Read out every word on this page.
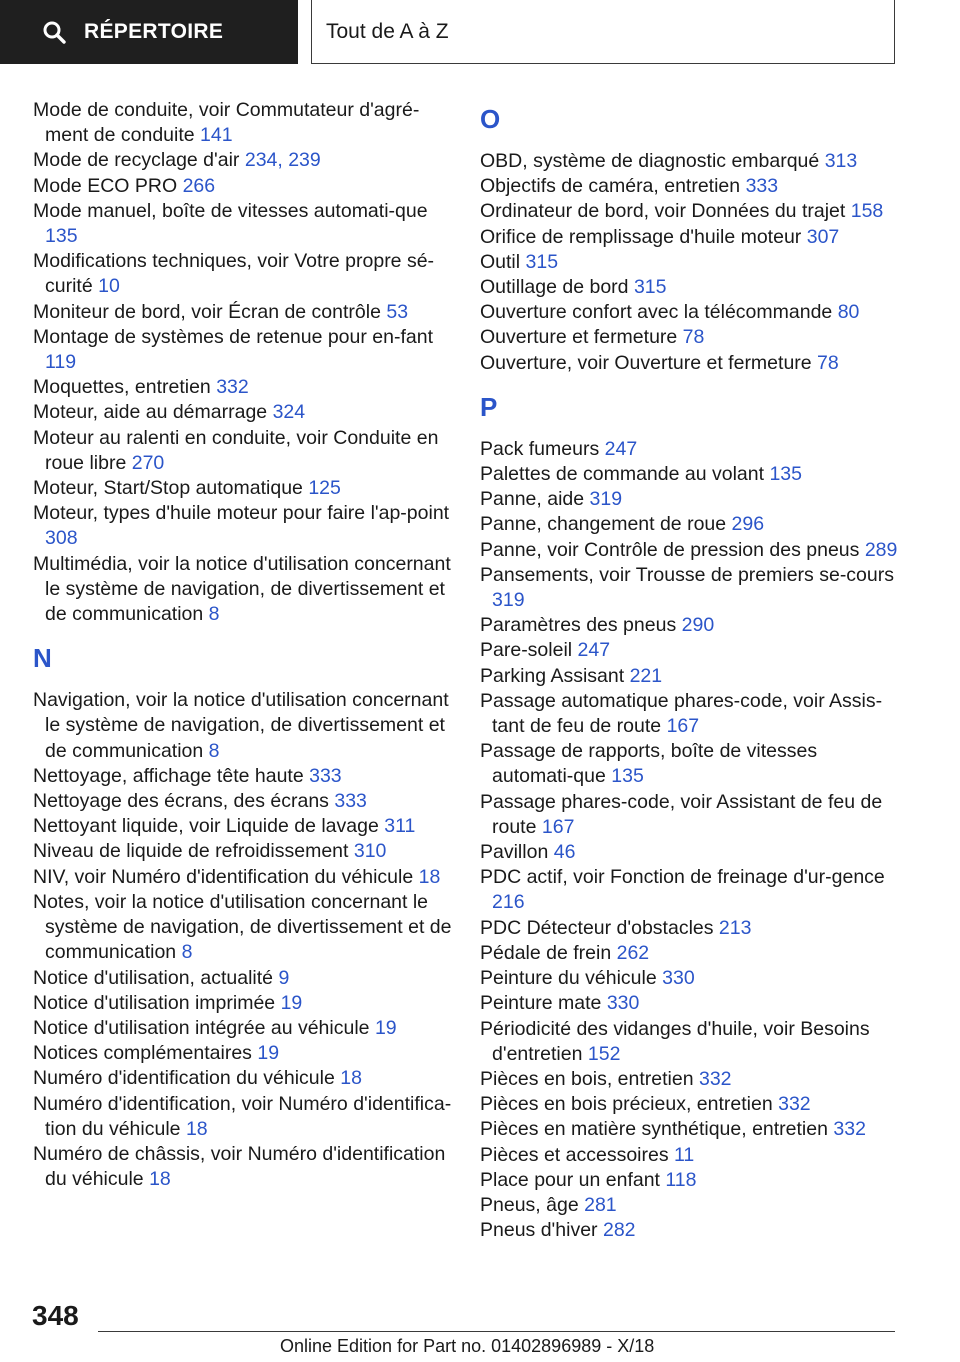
RÉPERTOIRE	Tout de A à Z
Mode de conduite, voir Commutateur d'agré‐ment de conduite 141
Mode de recyclage d'air 234, 239
Mode ECO PRO 266
Mode manuel, boîte de vitesses automati‐que 135
Modifications techniques, voir Votre propre sé‐curité 10
Moniteur de bord, voir Écran de contrôle 53
Montage de systèmes de retenue pour en‐fant 119
Moquettes, entretien 332
Moteur, aide au démarrage 324
Moteur au ralenti en conduite, voir Conduite en roue libre 270
Moteur, Start/Stop automatique 125
Moteur, types d'huile moteur pour faire l'ap‐point 308
Multimédia, voir la notice d'utilisation concernant le système de navigation, de divertissement et de communication 8
N
Navigation, voir la notice d'utilisation concernant le système de navigation, de divertissement et de communication 8
Nettoyage, affichage tête haute 333
Nettoyage des écrans, des écrans 333
Nettoyant liquide, voir Liquide de lavage 311
Niveau de liquide de refroidissement 310
NIV, voir Numéro d'identification du véhicule 18
Notes, voir la notice d'utilisation concernant le système de navigation, de divertissement et de communication 8
Notice d'utilisation, actualité 9
Notice d'utilisation imprimée 19
Notice d'utilisation intégrée au véhicule 19
Notices complémentaires 19
Numéro d'identification du véhicule 18
Numéro d'identification, voir Numéro d'identifica‐tion du véhicule 18
Numéro de châssis, voir Numéro d'identification du véhicule 18
O
OBD, système de diagnostic embarqué 313
Objectifs de caméra, entretien 333
Ordinateur de bord, voir Données du trajet 158
Orifice de remplissage d'huile moteur 307
Outil 315
Outillage de bord 315
Ouverture confort avec la télécommande 80
Ouverture et fermeture 78
Ouverture, voir Ouverture et fermeture 78
P
Pack fumeurs 247
Palettes de commande au volant 135
Panne, aide 319
Panne, changement de roue 296
Panne, voir Contrôle de pression des pneus 289
Pansements, voir Trousse de premiers se‐cours 319
Paramètres des pneus 290
Pare-soleil 247
Parking Assisant 221
Passage automatique phares-code, voir Assis‐tant de feu de route 167
Passage de rapports, boîte de vitesses automati‐que 135
Passage phares-code, voir Assistant de feu de route 167
Pavillon 46
PDC actif, voir Fonction de freinage d'ur‐gence 216
PDC Détecteur d'obstacles 213
Pédale de frein 262
Peinture du véhicule 330
Peinture mate 330
Périodicité des vidanges d'huile, voir Besoins d'entretien 152
Pièces en bois, entretien 332
Pièces en bois précieux, entretien 332
Pièces en matière synthétique, entretien 332
Pièces et accessoires 11
Place pour un enfant 118
Pneus, âge 281
Pneus d'hiver 282
348
Online Edition for Part no. 01402896989 - X/18
